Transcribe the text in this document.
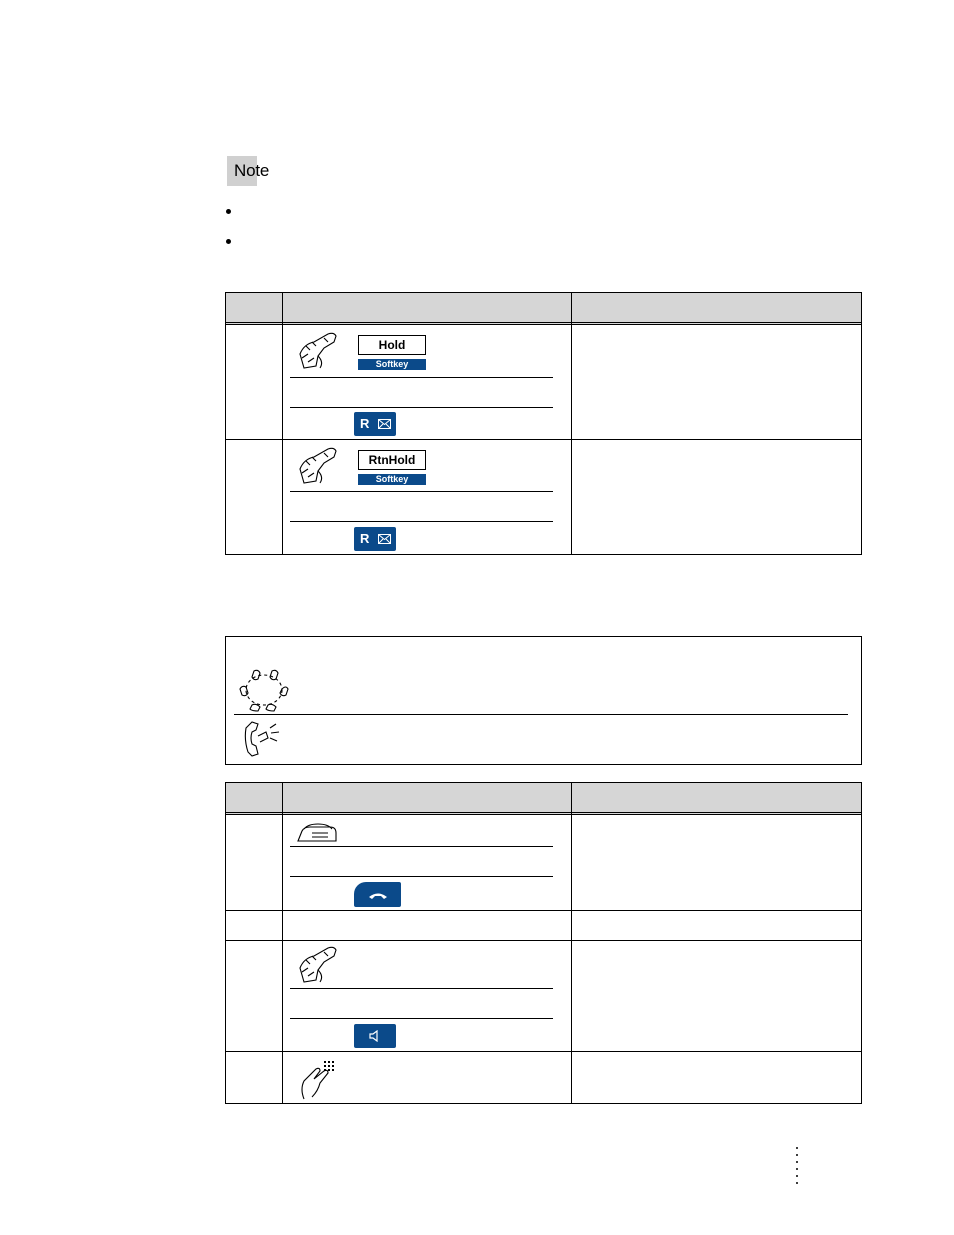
Note
Hold
Softkey
R
RtnHold
Softkey
R
